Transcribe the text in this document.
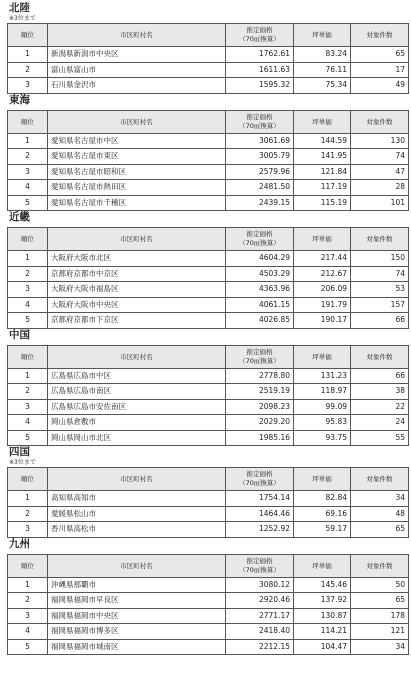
北陸
※3位まで
順位	市区町村名	推定価格
（70㎡換算）	坪単価	対象件数
1	新潟県新潟市中央区	1762.61	83.24	65
2	富山県富山市	1611.63	76.11	17
3	石川県金沢市	1595.32	75.34	49
東海
順位	市区町村名	推定価格
（70㎡換算）	坪単価	対象件数
1	愛知県名古屋市中区	3061.69	144.59	130
2	愛知県名古屋市東区	3005.79	141.95	74
3	愛知県名古屋市昭和区	2579.96	121.84	47
4	愛知県名古屋市熱田区	2481.50	117.19	28
5	愛知県名古屋市千種区	2439.15	115.19	101
近畿
順位	市区町村名	推定価格
（70㎡換算）	坪単価	対象件数
1	大阪府大阪市北区	4604.29	217.44	150
2	京都府京都市中京区	4503.29	212.67	74
3	大阪府大阪市福島区	4363.96	206.09	53
4	大阪府大阪市中央区	4061.15	191.79	157
5	京都府京都市下京区	4026.85	190.17	66
中国
順位	市区町村名	推定価格
（70㎡換算）	坪単価	対象件数
1	広島県広島市中区	2778.80	131.23	66
2	広島県広島市南区	2519.19	118.97	38
3	広島県広島市安佐南区	2098.23	99.09	22
4	岡山県倉敷市	2029.20	95.83	24
5	岡山県岡山市北区	1985.16	93.75	55
四国
※3位まで
順位	市区町村名	推定価格
（70㎡換算）	坪単価	対象件数
1	高知県高知市	1754.14	82.84	34
2	愛媛県松山市	1464.46	69.16	48
3	香川県高松市	1252.92	59.17	65
九州
順位	市区町村名	推定価格
（70㎡換算）	坪単価	対象件数
1	沖縄県那覇市	3080.12	145.46	50
2	福岡県福岡市早良区	2920.46	137.92	65
3	福岡県福岡市中央区	2771.17	130.87	178
4	福岡県福岡市博多区	2418.40	114.21	121
5	福岡県福岡市城南区	2212.15	104.47	34
